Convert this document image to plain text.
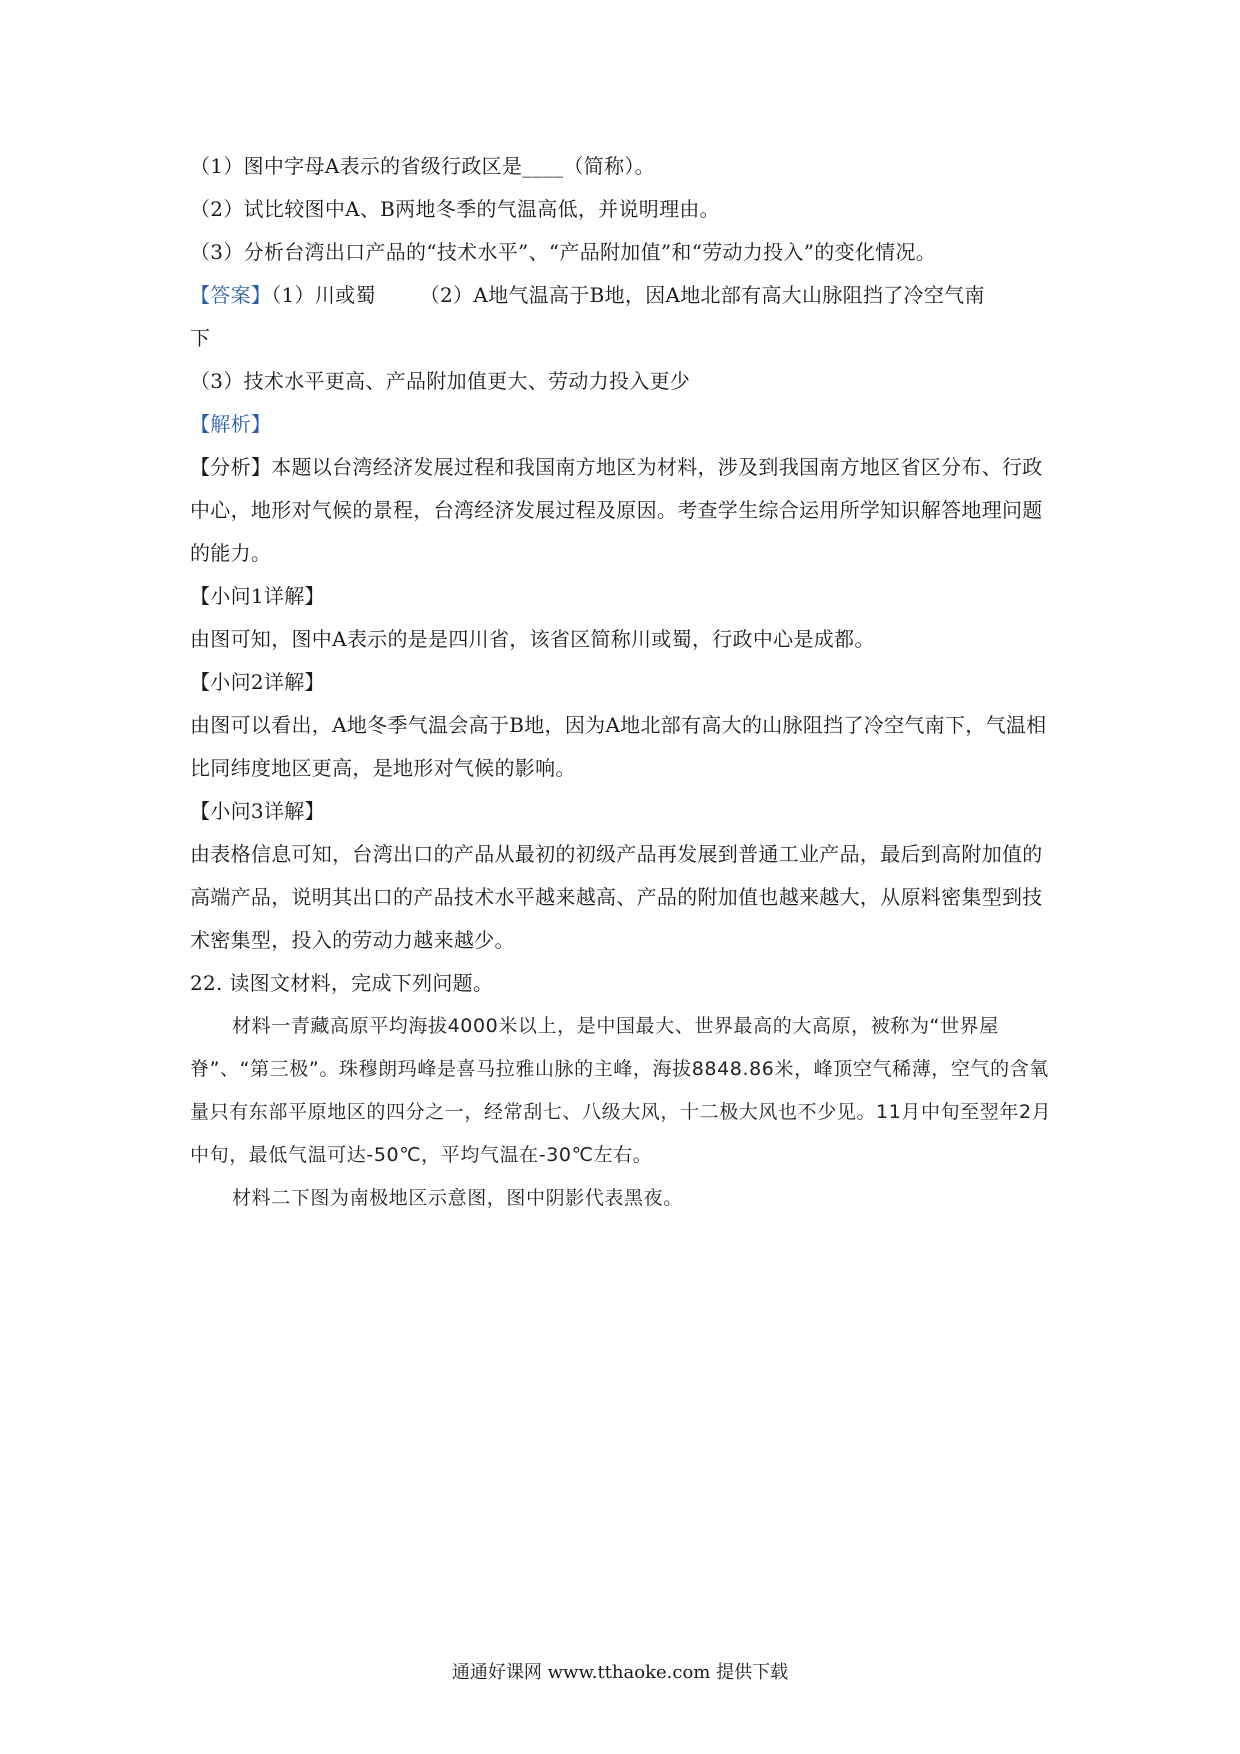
（1）图中字母A表示的省级行政区是____（简称）。
（2）试比较图中A、B两地冬季的气温高低，并说明理由。
（3）分析台湾出口产品的“技术水平”、“产品附加值”和“劳动力投入”的变化情况。
【答案】（1）川或蜀 （2）A地气温高于B地，因A地北部有高大山脉阻挡了冷空气南
下
（3）技术水平更高、产品附加值更大、劳动力投入更少
【解析】
【分析】本题以台湾经济发展过程和我国南方地区为材料，涉及到我国南方地区省区分布、行政中心，地形对气候的景程，台湾经济发展过程及原因。考查学生综合运用所学知识解答地理问题的能力。
【小问1详解】
由图可知，图中A表示的是是四川省，该省区简称川或蜀，行政中心是成都。
【小问2详解】
由图可以看出，A地冬季气温会高于B地，因为A地北部有高大的山脉阻挡了冷空气南下，气温相比同纬度地区更高，是地形对气候的影响。
【小问3详解】
由表格信息可知，台湾出口的产品从最初的初级产品再发展到普通工业产品，最后到高附加值的高端产品，说明其出口的产品技术水平越来越高、产品的附加值也越来越大，从原料密集型到技术密集型，投入的劳动力越来越少。
22. 读图文材料，完成下列问题。
材料一青藏高原平均海拔4000米以上，是中国最大、世界最高的大高原，被称为“世界屋脊”、“第三极”。珠穆朗玛峰是喜马拉雅山脉的主峰，海拔8848.86米，峰顶空气稀薄，空气的含氧量只有东部平原地区的四分之一，经常刮七、八级大风，十二极大风也不少见。11月中旬至翌年2月中旬，最低气温可达-50℃，平均气温在-30℃左右。
材料二下图为南极地区示意图，图中阴影代表黑夜。
通通好课网 www.tthaoke.com 提供下载
